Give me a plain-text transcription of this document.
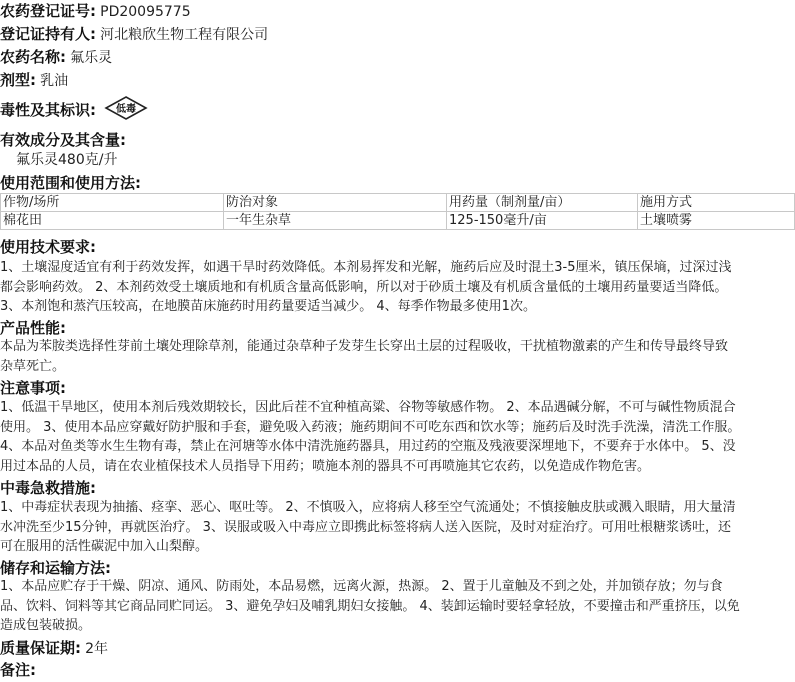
农药登记证号: PD20095775
登记证持有人: 河北粮欣生物工程有限公司
农药名称: 氟乐灵
剂型: 乳油
毒性及其标识: 低毒
有效成分及其含量:
氟乐灵480克/升
使用范围和使用方法:
作物/场所	防治对象	用药量（制剂量/亩）	施用方式
棉花田	一年生杂草	125-150毫升/亩	土壤喷雾
使用技术要求:
1、土壤湿度适宜有利于药效发挥，如遇干旱时药效降低。本剂易挥发和光解，施药后应及时混土3-5厘米，镇压保墒，过深过浅
都会影响药效。 2、本剂药效受土壤质地和有机质含量高低影响，所以对于砂质土壤及有机质含量低的土壤用药量要适当降低。
3、本剂饱和蒸汽压较高，在地膜苗床施药时用药量要适当减少。 4、每季作物最多使用1次。
产品性能:
本品为苯胺类选择性芽前土壤处理除草剂，能通过杂草种子发芽生长穿出土层的过程吸收，干扰植物激素的产生和传导最终导致
杂草死亡。
注意事项:
1、低温干旱地区，使用本剂后残效期较长，因此后茬不宜种植高粱、谷物等敏感作物。 2、本品遇碱分解，不可与碱性物质混合
使用。 3、使用本品应穿戴好防护服和手套，避免吸入药液；施药期间不可吃东西和饮水等；施药后及时洗手洗澡，清洗工作服。
4、本品对鱼类等水生生物有毒，禁止在河塘等水体中清洗施药器具，用过药的空瓶及残液要深埋地下，不要弃于水体中。 5、没
用过本品的人员，请在农业植保技术人员指导下用药；喷施本剂的器具不可再喷施其它农药，以免造成作物危害。
中毒急救措施:
1、中毒症状表现为抽搐、痉挛、恶心、呕吐等。 2、不慎吸入，应将病人移至空气流通处；不慎接触皮肤或溅入眼睛，用大量清
水冲洗至少15分钟，再就医治疗。 3、误服或吸入中毒应立即携此标签将病人送入医院，及时对症治疗。可用吐根糖浆诱吐，还
可在服用的活性碳泥中加入山梨醇。
储存和运输方法:
1、本品应贮存于干燥、阴凉、通风、防雨处，本品易燃，远离火源，热源。 2、置于儿童触及不到之处，并加锁存放；勿与食
品、饮料、饲料等其它商品同贮同运。 3、避免孕妇及哺乳期妇女接触。 4、装卸运输时要轻拿轻放，不要撞击和严重挤压，以免
造成包装破损。
质量保证期: 2年
备注:
